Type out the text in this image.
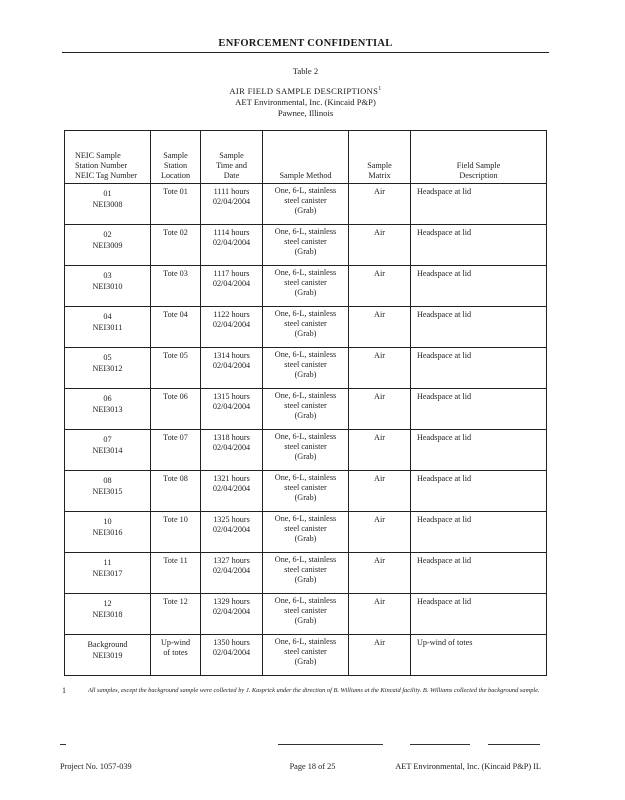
ENFORCEMENT CONFIDENTIAL
Table 2
AIR FIELD SAMPLE DESCRIPTIONS$^1$
AET Environmental, Inc. (Kincaid P&P)
Pawnee, Illinois
NEIC Sample
Station Number
NEIC Tag Number	Sample
Station
Location	Sample
Time and
Date	Sample Method	Sample
Matrix	Field Sample
Description
01
NEI3008	Tote 01	1111 hours
02/04/2004	One, 6-L, stainless
steel canister
(Grab)	Air	Headspace at lid
02
NEI3009	Tote 02	1114 hours
02/04/2004	One, 6-L, stainless
steel canister
(Grab)	Air	Headspace at lid
03
NEI3010	Tote 03	1117 hours
02/04/2004	One, 6-L, stainless
steel canister
(Grab)	Air	Headspace at lid
04
NEI3011	Tote 04	1122 hours
02/04/2004	One, 6-L, stainless
steel canister
(Grab)	Air	Headspace at lid
05
NEI3012	Tote 05	1314 hours
02/04/2004	One, 6-L, stainless
steel canister
(Grab)	Air	Headspace at lid
06
NEI3013	Tote 06	1315 hours
02/04/2004	One, 6-L, stainless
steel canister
(Grab)	Air	Headspace at lid
07
NEI3014	Tote 07	1318 hours
02/04/2004	One, 6-L, stainless
steel canister
(Grab)	Air	Headspace at lid
08
NEI3015	Tote 08	1321 hours
02/04/2004	One, 6-L, stainless
steel canister
(Grab)	Air	Headspace at lid
10
NEI3016	Tote 10	1325 hours
02/04/2004	One, 6-L, stainless
steel canister
(Grab)	Air	Headspace at lid
11
NEI3017	Tote 11	1327 hours
02/04/2004	One, 6-L, stainless
steel canister
(Grab)	Air	Headspace at lid
12
NEI3018	Tote 12	1329 hours
02/04/2004	One, 6-L, stainless
steel canister
(Grab)	Air	Headspace at lid
Background
NEI3019	Up-wind
of totes	1350 hours
02/04/2004	One, 6-L, stainless
steel canister
(Grab)	Air	Up-wind of totes
1	All samples, except the background sample were collected by J. Kasprick under the direction of B. Williams at the Kincaid facility. B. Williams collected the background sample.
Project No. 1057-039	Page 18 of 25	AET Environmental, Inc. (Kincaid P&P) IL
